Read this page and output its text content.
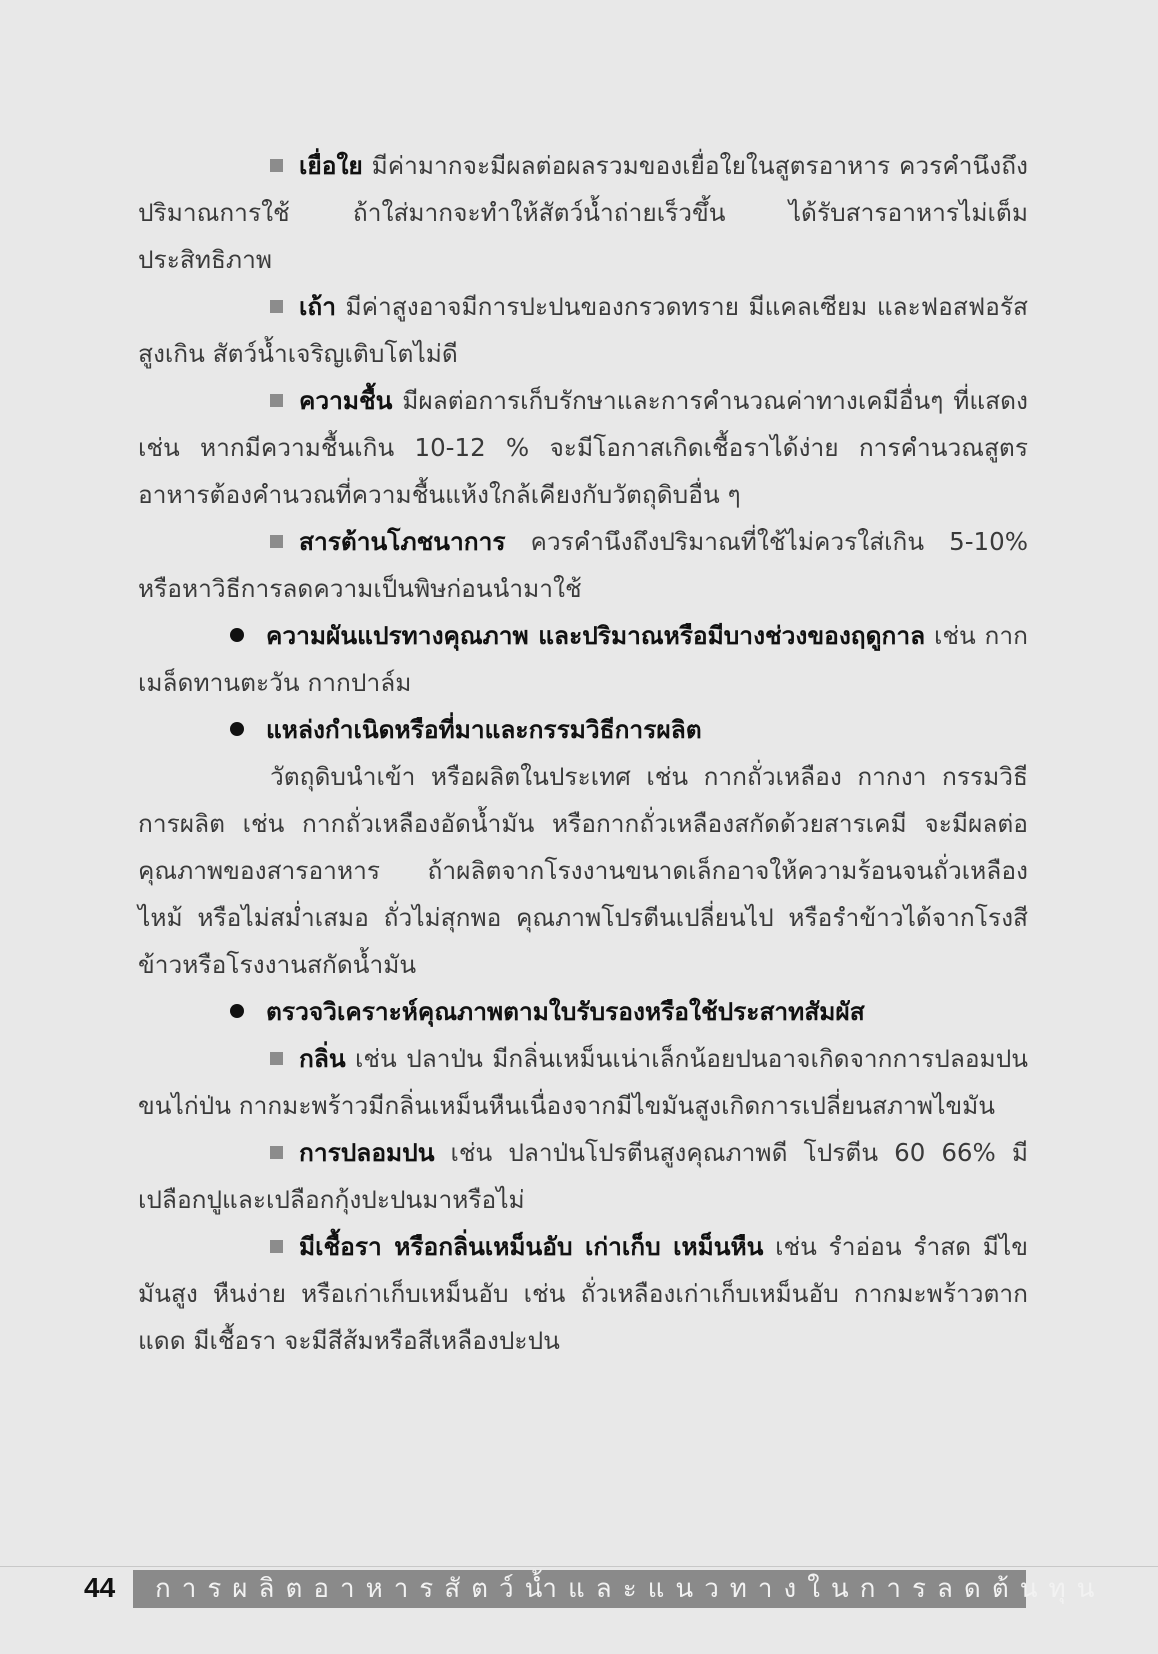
เยื่อใย มีค่ามากจะมีผลต่อผลรวมของเยื่อใยในสูตรอาหาร ควรคำนึงถึงปริมาณการใช้ ถ้าใส่มากจะทำให้สัตว์น้ำถ่ายเร็วขึ้น ได้รับสารอาหารไม่เต็มประสิทธิภาพ

เถ้า มีค่าสูงอาจมีการปะปนของกรวดทราย มีแคลเซียม และฟอสฟอรัสสูงเกิน สัตว์น้ำเจริญเติบโตไม่ดี

ความชื้น มีผลต่อการเก็บรักษาและการคำนวณค่าทางเคมีอื่นๆ ที่แสดง เช่น หากมีความชื้นเกิน 10-12 % จะมีโอกาสเกิดเชื้อราได้ง่าย การคำนวณสูตรอาหารต้องคำนวณที่ความชื้นแห้งใกล้เคียงกับวัตถุดิบอื่น ๆ

สารต้านโภชนาการ ควรคำนึงถึงปริมาณที่ใช้ไม่ควรใส่เกิน 5-10% หรือหาวิธีการลดความเป็นพิษก่อนนำมาใช้

ความผันแปรทางคุณภาพ และปริมาณหรือมีบางช่วงของฤดูกาล เช่น กากเมล็ดทานตะวัน กากปาล์ม

แหล่งกำเนิดหรือที่มาและกรรมวิธีการผลิต

วัตถุดิบนำเข้า หรือผลิตในประเทศ เช่น กากถั่วเหลือง กากงา กรรมวิธีการผลิต เช่น กากถั่วเหลืองอัดน้ำมัน หรือกากถั่วเหลืองสกัดด้วยสารเคมี จะมีผลต่อคุณภาพของสารอาหาร ถ้าผลิตจากโรงงานขนาดเล็กอาจให้ความร้อนจนถั่วเหลืองไหม้ หรือไม่สม่ำเสมอ ถั่วไม่สุกพอ คุณภาพโปรตีนเปลี่ยนไป หรือรำข้าวได้จากโรงสีข้าวหรือโรงงานสกัดน้ำมัน

ตรวจวิเคราะห์คุณภาพตามใบรับรองหรือใช้ประสาทสัมผัส

กลิ่น เช่น ปลาป่น มีกลิ่นเหม็นเน่าเล็กน้อยปนอาจเกิดจากการปลอมปนขนไก่ป่น กากมะพร้าวมีกลิ่นเหม็นหืนเนื่องจากมีไขมันสูงเกิดการเปลี่ยนสภาพไขมัน

การปลอมปน เช่น ปลาป่นโปรตีนสูงคุณภาพดี โปรตีน 60 66% มีเปลือกปูและเปลือกกุ้งปะปนมาหรือไม่

มีเชื้อรา หรือกลิ่นเหม็นอับ เก่าเก็บ เหม็นหืน เช่น รำอ่อน รำสด มีไขมันสูง หืนง่าย หรือเก่าเก็บเหม็นอับ เช่น ถั่วเหลืองเก่าเก็บเหม็นอับ กากมะพร้าวตากแดด มีเชื้อรา จะมีสีส้มหรือสีเหลืองปะปน

44 การผลิตอาหารสัตว์น้ำและแนวทางในการลดต้นทุน
